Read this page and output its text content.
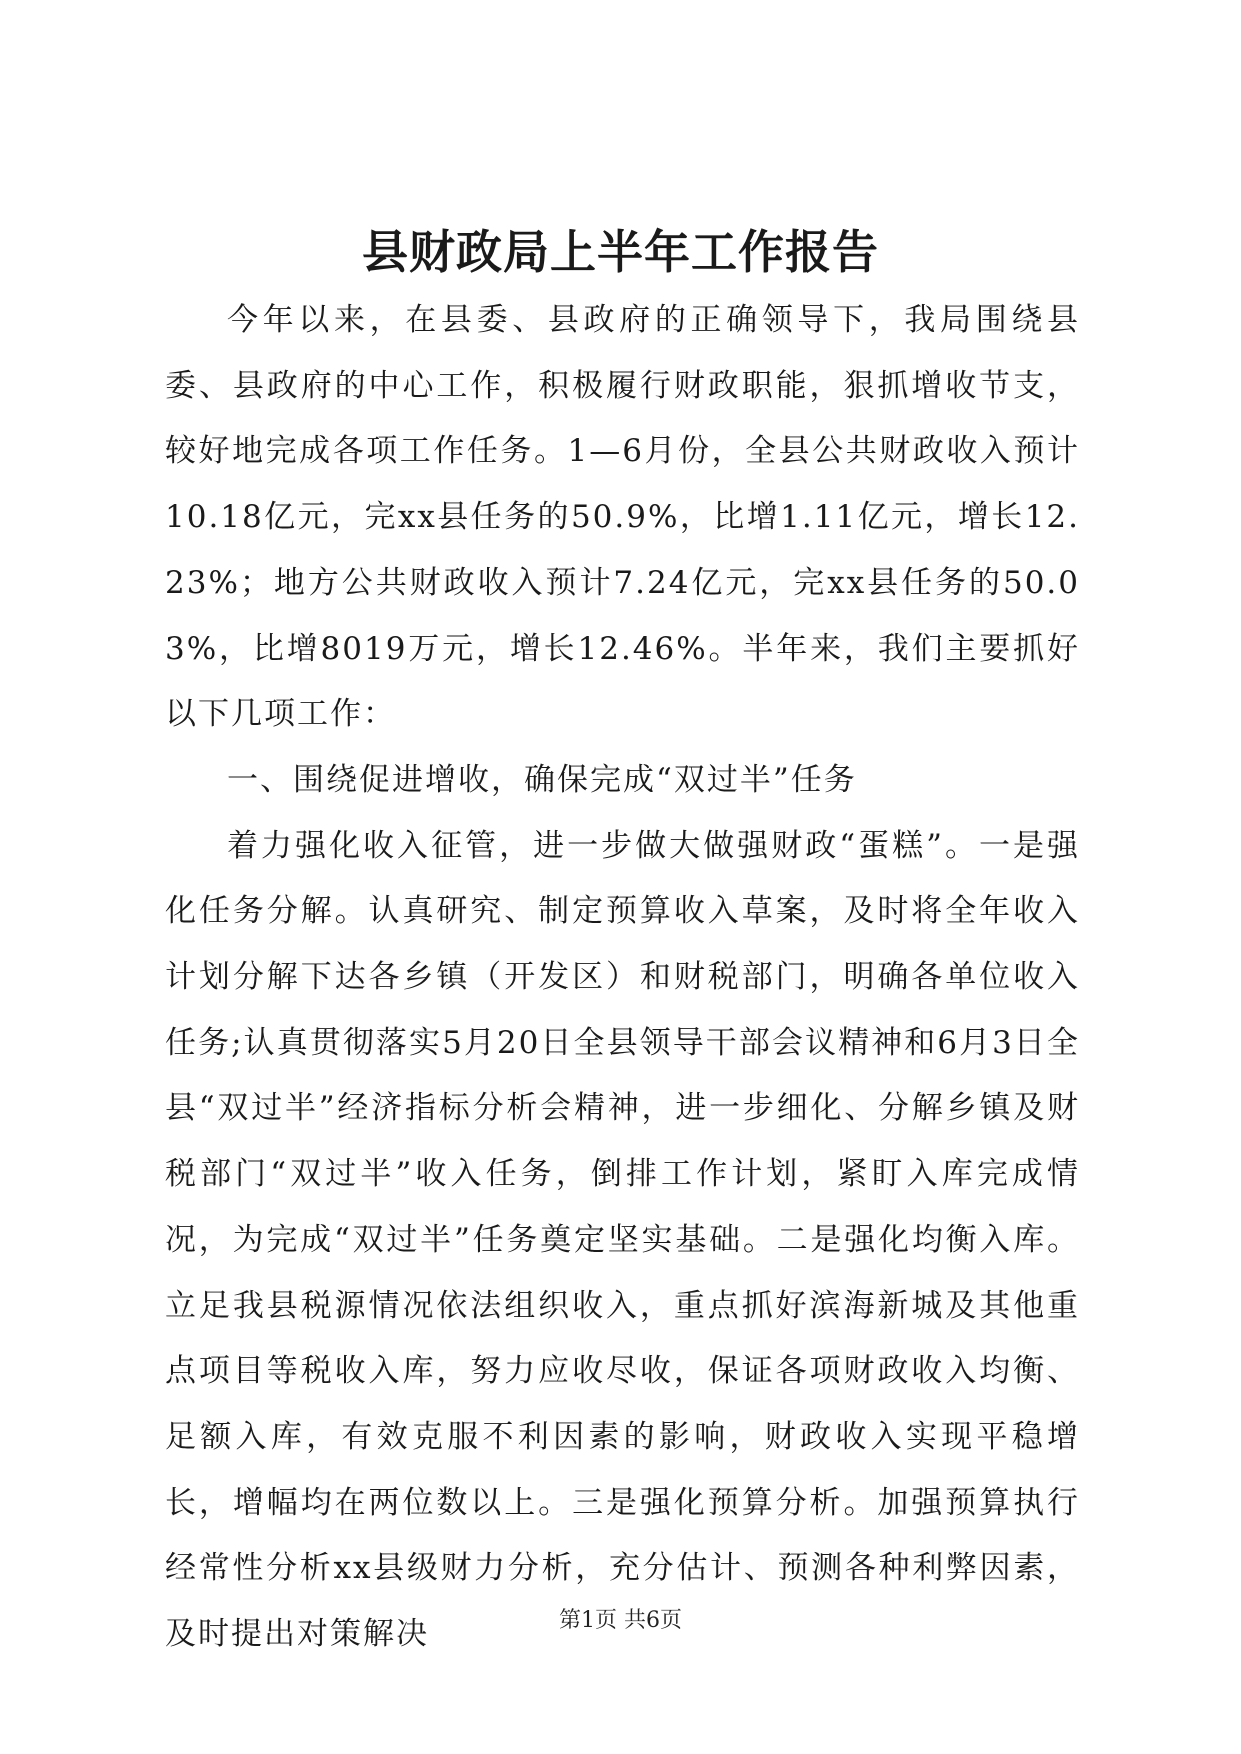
县财政局上半年工作报告

今年以来，在县委、县政府的正确领导下，我局围绕县委、县政府的中心工作，积极履行财政职能，狠抓增收节支，较好地完成各项工作任务。1—6月份，全县公共财政收入预计10.18亿元，完xx县任务的50.9%，比增1.11亿元，增长12.23%；地方公共财政收入预计7.24亿元，完xx县任务的50.03%，比增8019万元，增长12.46%。半年来，我们主要抓好以下几项工作：

一、围绕促进增收，确保完成“双过半”任务

着力强化收入征管，进一步做大做强财政“蛋糕”。一是强化任务分解。认真研究、制定预算收入草案，及时将全年收入计划分解下达各乡镇（开发区）和财税部门，明确各单位收入任务;认真贯彻落实5月20日全县领导干部会议精神和6月3日全县“双过半”经济指标分析会精神，进一步细化、分解乡镇及财税部门“双过半”收入任务，倒排工作计划，紧盯入库完成情况，为完成“双过半”任务奠定坚实基础。二是强化均衡入库。立足我县税源情况依法组织收入，重点抓好滨海新城及其他重点项目等税收入库，努力应收尽收，保证各项财政收入均衡、足额入库，有效克服不利因素的影响，财政收入实现平稳增长，增幅均在两位数以上。三是强化预算分析。加强预算执行经常性分析xx县级财力分析，充分估计、预测各种利弊因素，及时提出对策解决	第1页 共6页
